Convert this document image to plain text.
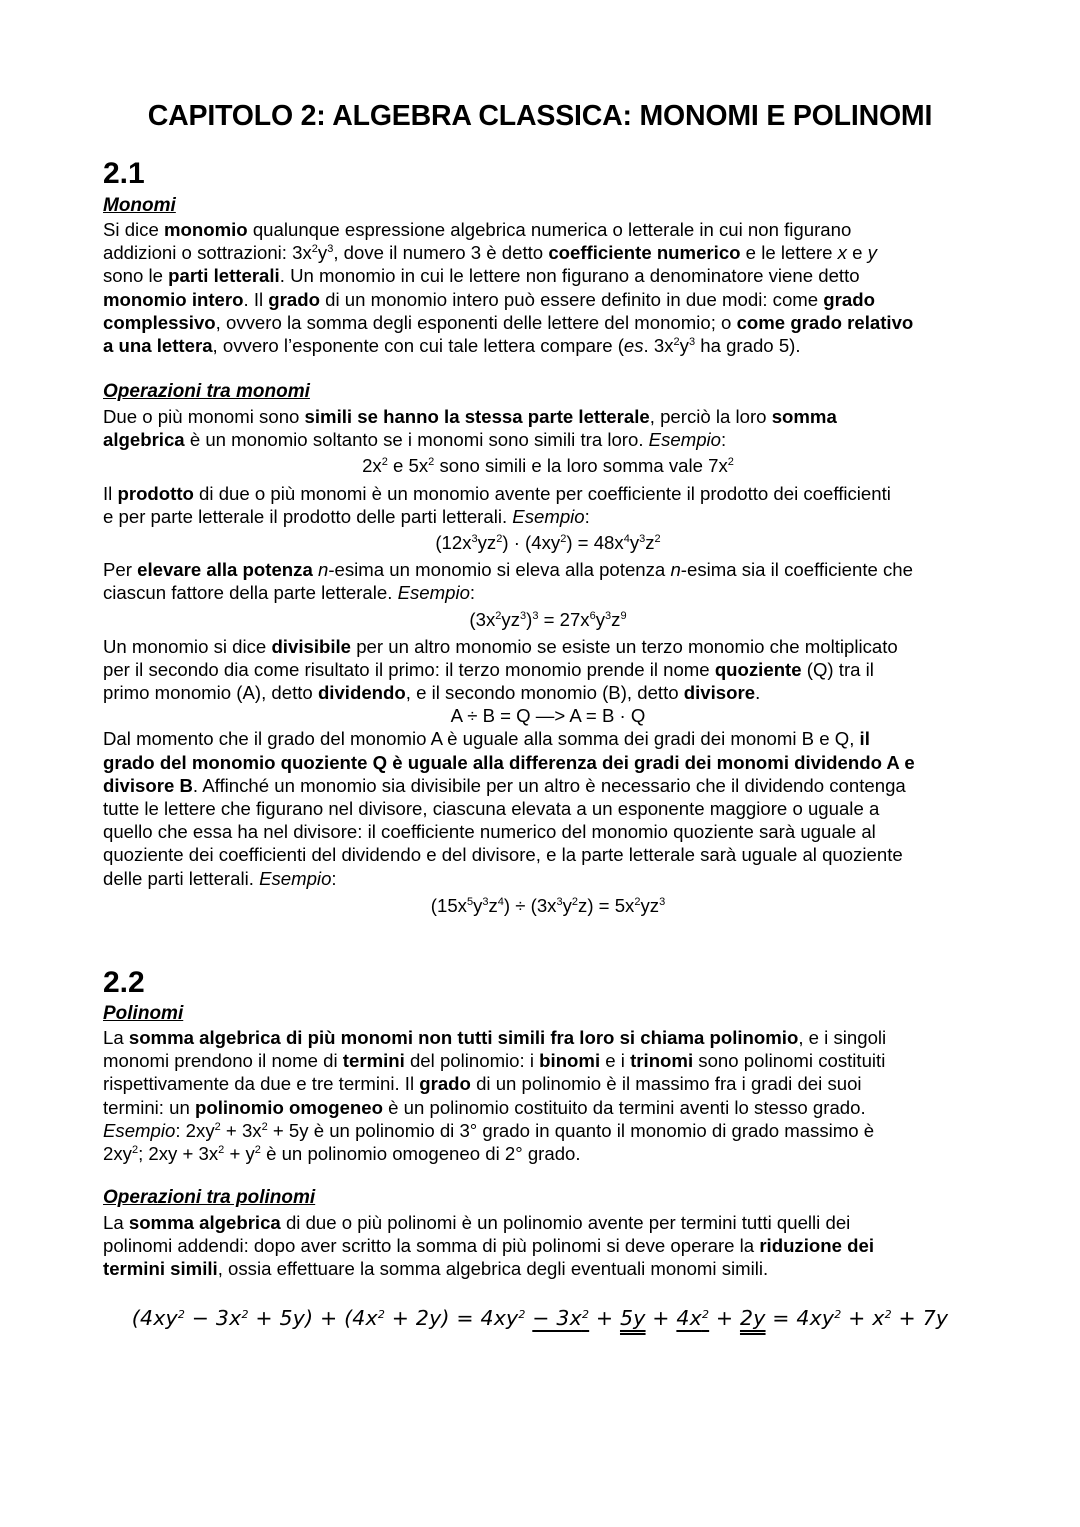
CAPITOLO 2: ALGEBRA CLASSICA: MONOMI E POLINOMI
2.1
Monomi
Si dice monomio qualunque espressione algebrica numerica o letterale in cui non figurano
addizioni o sottrazioni: $3x^2y^3$, dove il numero 3 è detto coefficiente numerico e le lettere x e y
sono le parti letterali. Un monomio in cui le lettere non figurano a denominatore viene detto
monomio intero. Il grado di un monomio intero può essere definito in due modi: come grado
complessivo, ovvero la somma degli esponenti delle lettere del monomio; o come grado relativo
a una lettera, ovvero l’esponente con cui tale lettera compare (es. $3x^2y^3$ ha grado 5).
Operazioni tra monomi
Due o più monomi sono simili se hanno la stessa parte letterale, perciò la loro somma
algebrica è un monomio soltanto se i monomi sono simili tra loro. Esempio:
$2x^2$ e $5x^2$ sono simili e la loro somma vale $7x^2$
Il prodotto di due o più monomi è un monomio avente per coefficiente il prodotto dei coefficienti
e per parte letterale il prodotto delle parti letterali. Esempio:
$(12x^3yz^2) \cdot (4xy^2) = 48x^4y^3z^2$
Per elevare alla potenza n-esima un monomio si eleva alla potenza n-esima sia il coefficiente che
ciascun fattore della parte letterale. Esempio:
$(3x^2yz^3)^3 = 27x^6y^3z^9$
Un monomio si dice divisibile per un altro monomio se esiste un terzo monomio che moltiplicato
per il secondo dia come risultato il primo: il terzo monomio prende il nome quoziente (Q) tra il
primo monomio (A), detto dividendo, e il secondo monomio (B), detto divisore.
A ÷ B = Q —> A = B · Q
Dal momento che il grado del monomio A è uguale alla somma dei gradi dei monomi B e Q, il
grado del monomio quoziente Q è uguale alla differenza dei gradi dei monomi dividendo A e
divisore B. Affinché un monomio sia divisibile per un altro è necessario che il dividendo contenga
tutte le lettere che figurano nel divisore, ciascuna elevata a un esponente maggiore o uguale a
quello che essa ha nel divisore: il coefficiente numerico del monomio quoziente sarà uguale al
quoziente dei coefficienti del dividendo e del divisore, e la parte letterale sarà uguale al quoziente
delle parti letterali. Esempio:
$(15x^5y^3z^4) \div (3x^3y^2z) = 5x^2yz^3$
2.2
Polinomi
La somma algebrica di più monomi non tutti simili fra loro si chiama polinomio, e i singoli
monomi prendono il nome di termini del polinomio: i binomi e i trinomi sono polinomi costituiti
rispettivamente da due e tre termini. Il grado di un polinomio è il massimo fra i gradi dei suoi
termini: un polinomio omogeneo è un polinomio costituito da termini aventi lo stesso grado.
Esempio: $2xy^2 + 3x^2 + 5y$ è un polinomio di 3° grado in quanto il monomio di grado massimo è
$2xy^2$; $2xy + 3x^2 + y^2$ è un polinomio omogeneo di 2° grado.
Operazioni tra polinomi
La somma algebrica di due o più polinomi è un polinomio avente per termini tutti quelli dei
polinomi addendi: dopo aver scritto la somma di più polinomi si deve operare la riduzione dei
termini simili, ossia effettuare la somma algebrica degli eventuali monomi simili.
$(4xy^2 - 3x^2 + 5y) + (4x^2 + 2y) = 4xy^2 - 3x^2 + 5y + 4x^2 + 2y = 4xy^2 + x^2 + 7y$
